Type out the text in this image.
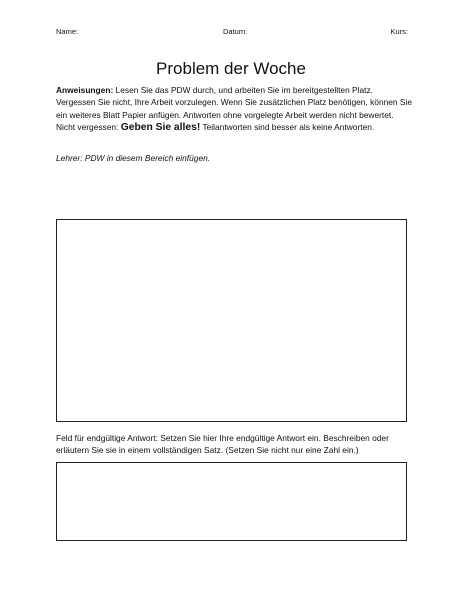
Name:	Datum:	Kurs:
Problem der Woche

Anweisungen: Lesen Sie das PDW durch, und arbeiten Sie im bereitgestellten Platz. Vergessen Sie nicht, Ihre Arbeit vorzulegen. Wenn Sie zusätzlichen Platz benötigen, können Sie ein weiteres Blatt Papier anfügen. Antworten ohne vorgelegte Arbeit werden nicht bewertet. Nicht vergessen: Geben Sie alles! Teilantworten sind besser als keine Antworten.

Lehrer: PDW in diesem Bereich einfügen.

Feld für endgültige Antwort: Setzen Sie hier Ihre endgültige Antwort ein. Beschreiben oder erläutern Sie sie in einem vollständigen Satz. (Setzen Sie nicht nur eine Zahl ein.)
